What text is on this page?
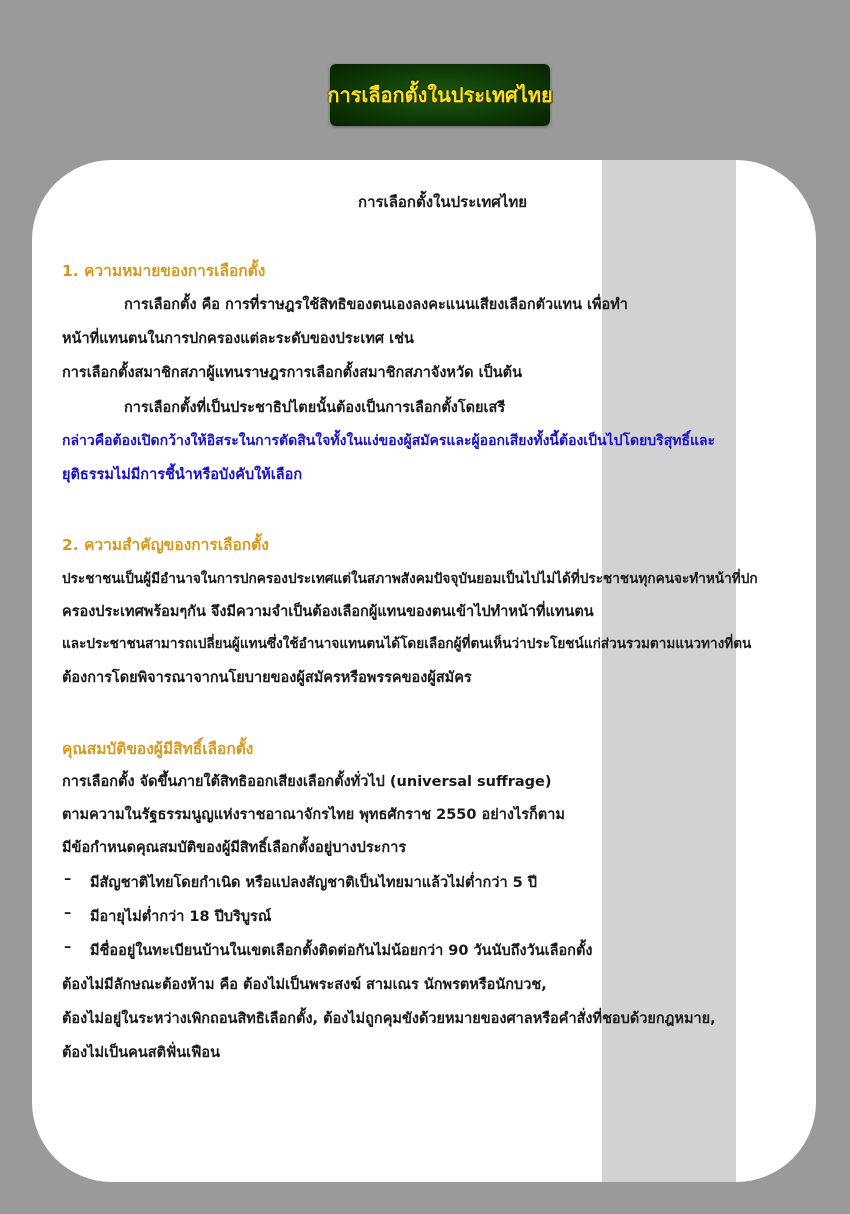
การเลือกตั้งในประเทศไทย
การเลือกตั้งในประเทศไทย
1. ความหมายของการเลือกตั้ง
การเลือกตั้ง คือ การที่ราษฎรใช้สิทธิของตนเองลงคะแนนเสียงเลือกตัวแทน เพื่อทำ
หน้าที่แทนตนในการปกครองแต่ละระดับของประเทศ เช่น
การเลือกตั้งสมาชิกสภาผู้แทนราษฎรการเลือกตั้งสมาชิกสภาจังหวัด เป็นต้น
การเลือกตั้งที่เป็นประชาธิปไตยนั้นต้องเป็นการเลือกตั้งโดยเสรี
กล่าวคือต้องเปิดกว้างให้อิสระในการตัดสินใจทั้งในแง่ของผู้สมัครและผู้ออกเสียงทั้งนี้ต้องเป็นไปโดยบริสุทธิ์และ
ยุติธรรมไม่มีการชี้นำหรือบังคับให้เลือก
2. ความสำคัญของการเลือกตั้ง
ประชาชนเป็นผู้มีอำนาจในการปกครองประเทศแต่ในสภาพสังคมปัจจุบันยอมเป็นไปไม่ได้ที่ประชาชนทุกคนจะทำหน้าที่ปก
ครองประเทศพร้อมๆกัน จึงมีความจำเป็นต้องเลือกผู้แทนของตนเข้าไปทำหน้าที่แทนตน
และประชาชนสามารถเปลี่ยนผู้แทนซึ่งใช้อำนาจแทนตนได้โดยเลือกผู้ที่ตนเห็นว่าประโยชน์แก่ส่วนรวมตามแนวทางที่ตน
ต้องการโดยพิจารณาจากนโยบายของผู้สมัครหรือพรรคของผู้สมัคร
คุณสมบัติของผู้มีสิทธิ์เลือกตั้ง
การเลือกตั้ง จัดขึ้นภายใต้สิทธิออกเสียงเลือกตั้งทั่วไป (universal suffrage)
ตามความในรัฐธรรมนูญแห่งราชอาณาจักรไทย พุทธศักราช 2550 อย่างไรก็ตาม
มีข้อกำหนดคุณสมบัติของผู้มีสิทธิ์เลือกตั้งอยู่บางประการ
– มีสัญชาติไทยโดยกำเนิด หรือแปลงสัญชาติเป็นไทยมาแล้วไม่ต่ำกว่า 5 ปี
– มีอายุไม่ต่ำกว่า 18 ปีบริบูรณ์
– มีชื่ออยู่ในทะเบียนบ้านในเขตเลือกตั้งติดต่อกันไม่น้อยกว่า 90 วันนับถึงวันเลือกตั้ง
ต้องไม่มีลักษณะต้องห้าม คือ ต้องไม่เป็นพระสงฆ์ สามเณร นักพรตหรือนักบวช,
ต้องไม่อยู่ในระหว่างเพิกถอนสิทธิเลือกตั้ง, ต้องไม่ถูกคุมขังด้วยหมายของศาลหรือคำสั่งที่ชอบด้วยกฎหมาย,
ต้องไม่เป็นคนสติฟั่นเฟือน
